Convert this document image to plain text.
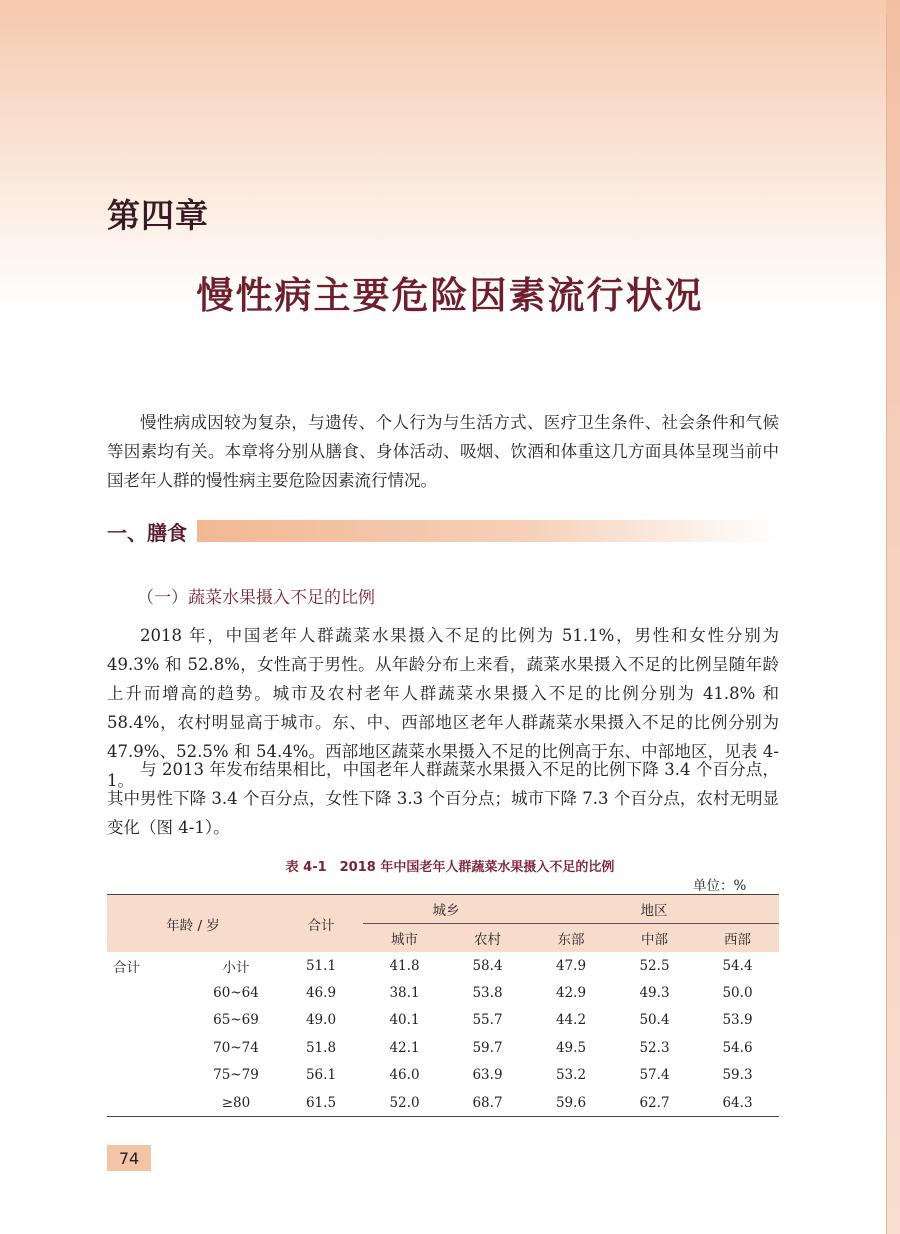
第四章
慢性病主要危险因素流行状况

慢性病成因较为复杂，与遗传、个人行为与生活方式、医疗卫生条件、社会条件和气候等因素均有关。本章将分别从膳食、身体活动、吸烟、饮酒和体重这几方面具体呈现当前中国老年人群的慢性病主要危险因素流行情况。

一、膳食
（一）蔬菜水果摄入不足的比例

2018 年，中国老年人群蔬菜水果摄入不足的比例为 51.1%，男性和女性分别为 49.3% 和 52.8%，女性高于男性。从年龄分布上来看，蔬菜水果摄入不足的比例呈随年龄上升而增高的趋势。城市及农村老年人群蔬菜水果摄入不足的比例分别为 41.8% 和 58.4%，农村明显高于城市。东、中、西部地区老年人群蔬菜水果摄入不足的比例分别为 47.9%、52.5% 和 54.4%。西部地区蔬菜水果摄入不足的比例高于东、中部地区，见表 4-1。

与 2013 年发布结果相比，中国老年人群蔬菜水果摄入不足的比例下降 3.4 个百分点，其中男性下降 3.4 个百分点，女性下降 3.3 个百分点；城市下降 7.3 个百分点，农村无明显变化（图 4-1）。

表 4-1　2018 年中国老年人群蔬菜水果摄入不足的比例
单位：%
年龄 / 岁		合计	城乡		地区		
			城市	农村	东部	中部	西部
合计	小计	51.1	41.8	58.4	47.9	52.5	54.4
	60~64	46.9	38.1	53.8	42.9	49.3	50.0
	65~69	49.0	40.1	55.7	44.2	50.4	53.9
	70~74	51.8	42.1	59.7	49.5	52.3	54.6
	75~79	56.1	46.0	63.9	53.2	57.4	59.3
	≥80	61.5	52.0	68.7	59.6	62.7	64.3
74
